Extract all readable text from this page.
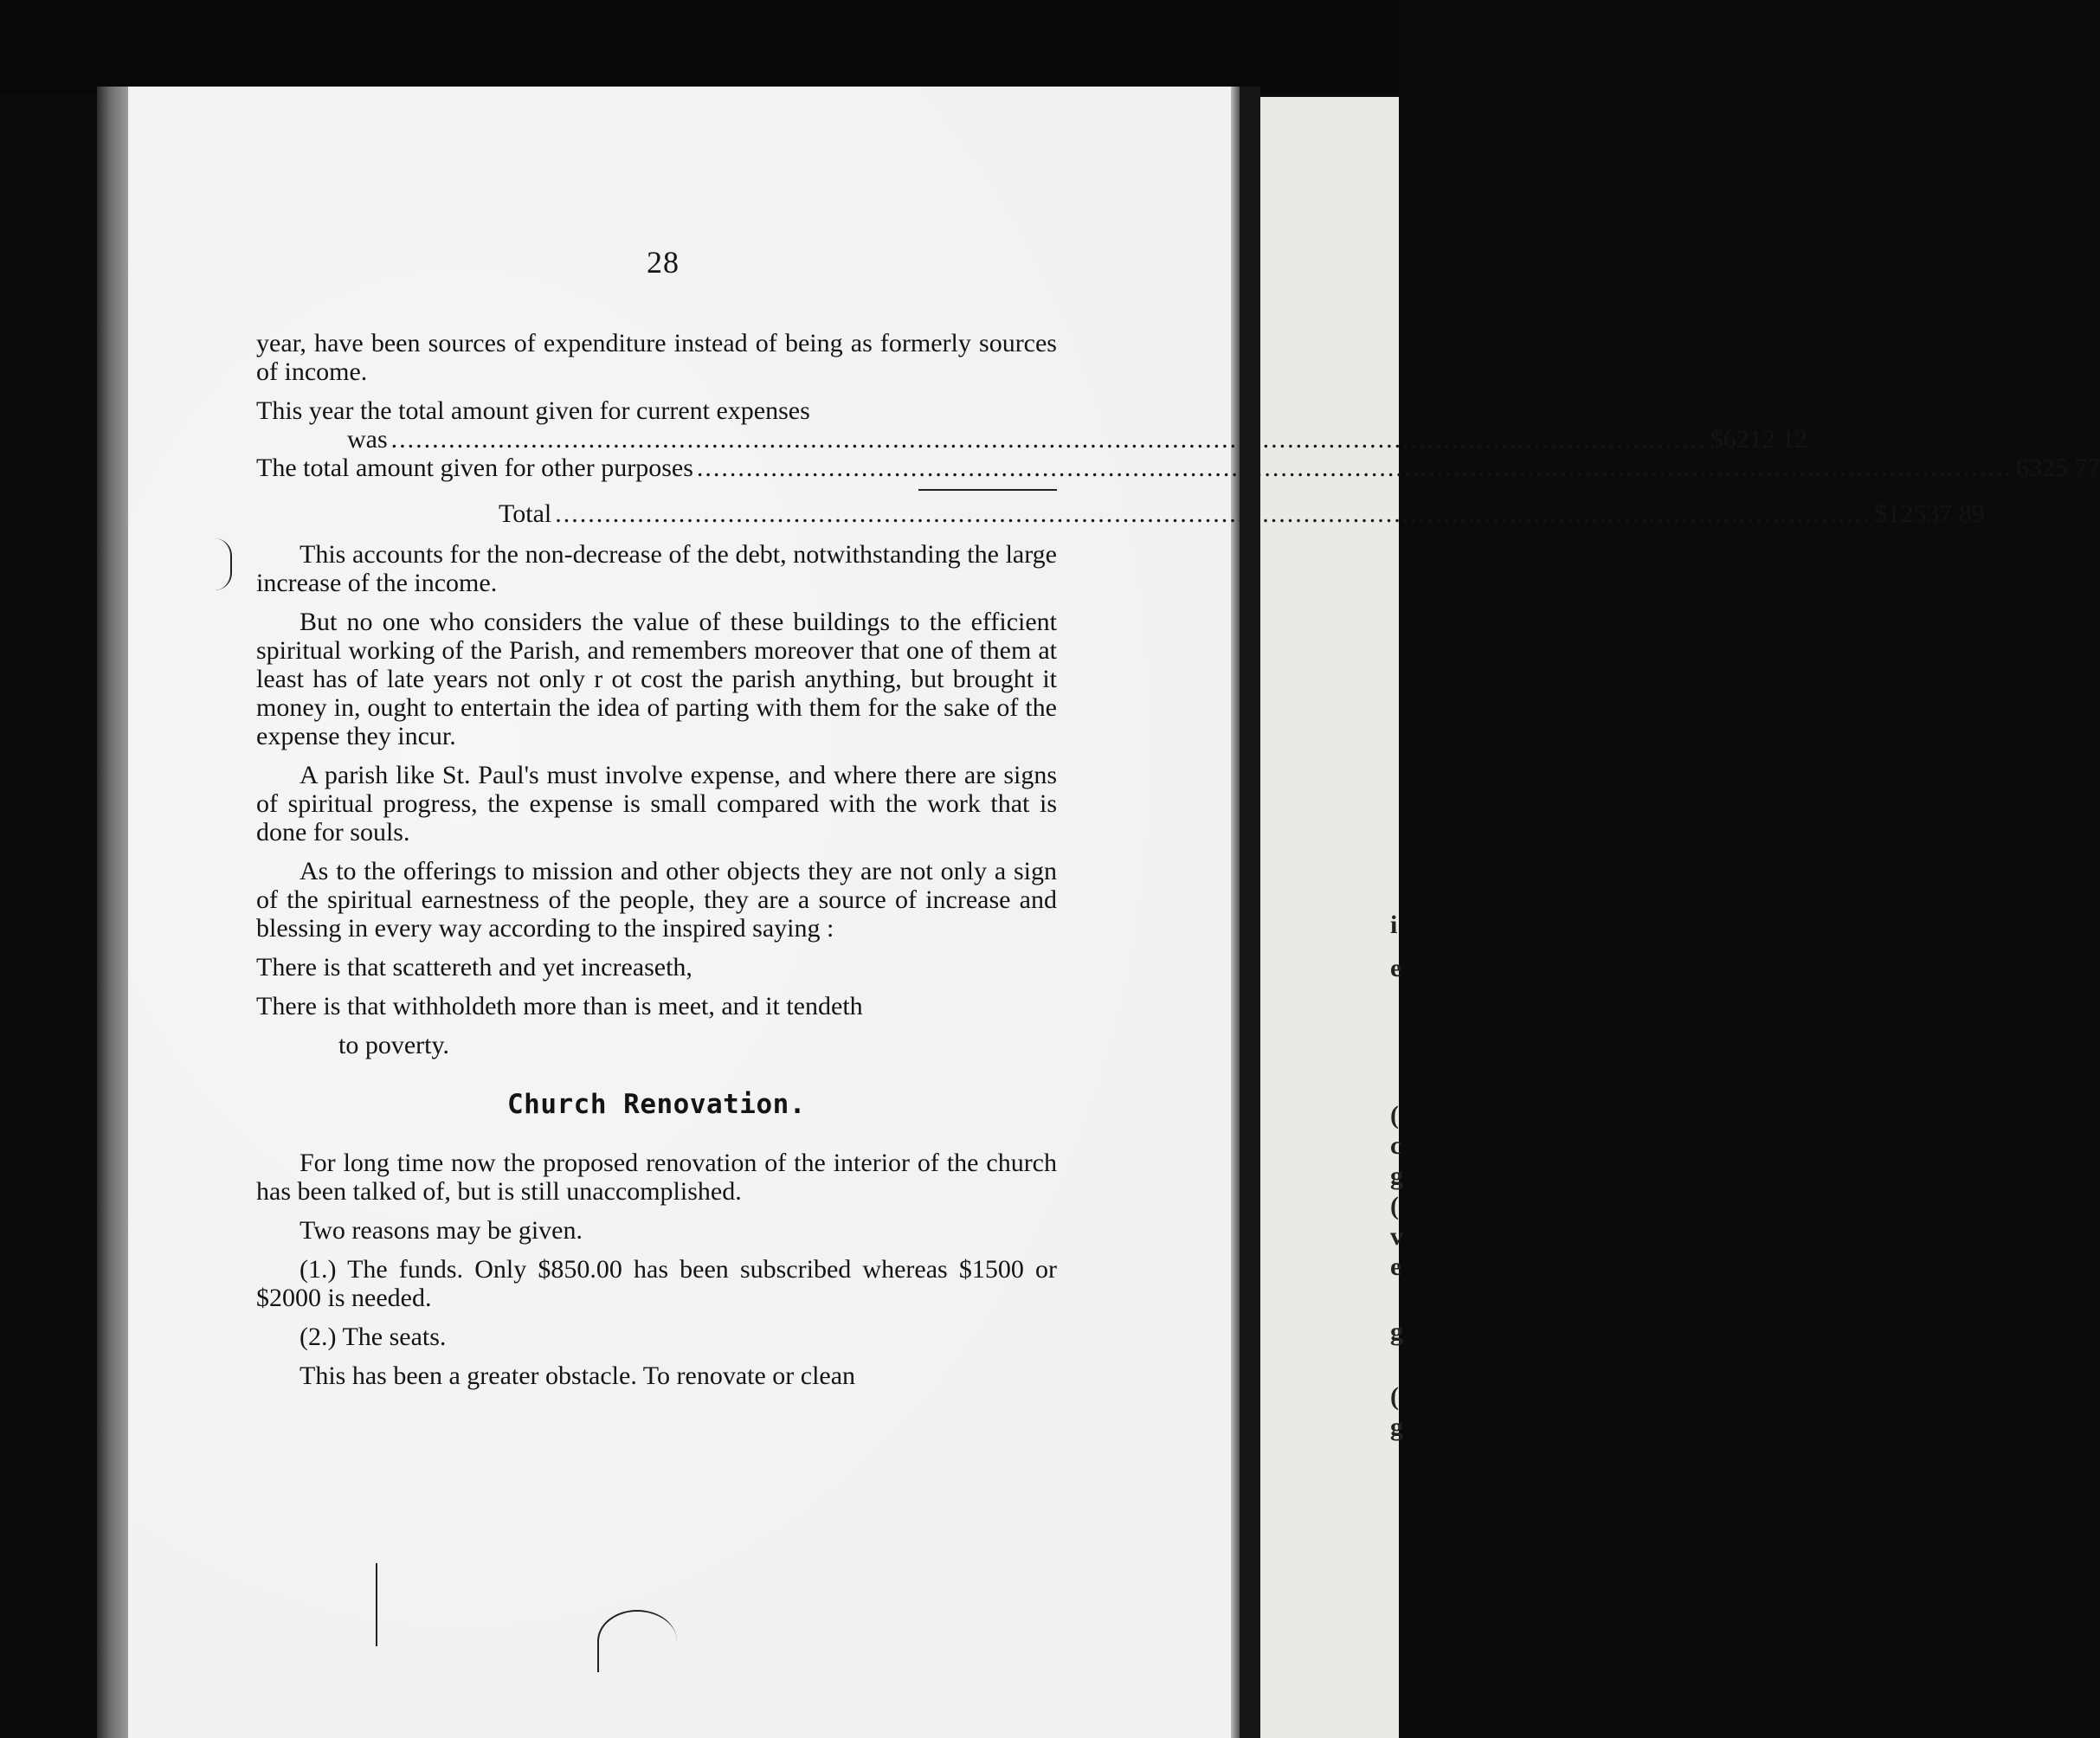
i
e
(
c
g
(
v
e
g
(
g
28

year, have been sources of expenditure instead of being as formerly sources of income.

This year the total amount given for current expenses

was .....	$6212 12
The total amount given for other purposes .....	6325 77
Total .....	$12537 89

This accounts for the non-decrease of the debt, notwithstanding the large increase of the income.

But no one who considers the value of these buildings to the efficient spiritual working of the Parish, and remembers moreover that one of them at least has of late years not only r ot cost the parish anything, but brought it money in, ought to entertain the idea of parting with them for the sake of the expense they incur.

A parish like St. Paul's must involve expense, and where there are signs of spiritual progress, the expense is small compared with the work that is done for souls.

As to the offerings to mission and other objects they are not only a sign of the spiritual earnestness of the people, they are a source of increase and blessing in every way according to the inspired saying :

There is that scattereth and yet increaseth,

There is that withholdeth more than is meet, and it tendeth

to poverty.

Church Renovation.

For long time now the proposed renovation of the interior of the church has been talked of, but is still unaccomplished.

Two reasons may be given.

(1.) The funds. Only $850.00 has been subscribed whereas $1500 or $2000 is needed.

(2.) The seats.

This has been a greater obstacle. To renovate or clean
